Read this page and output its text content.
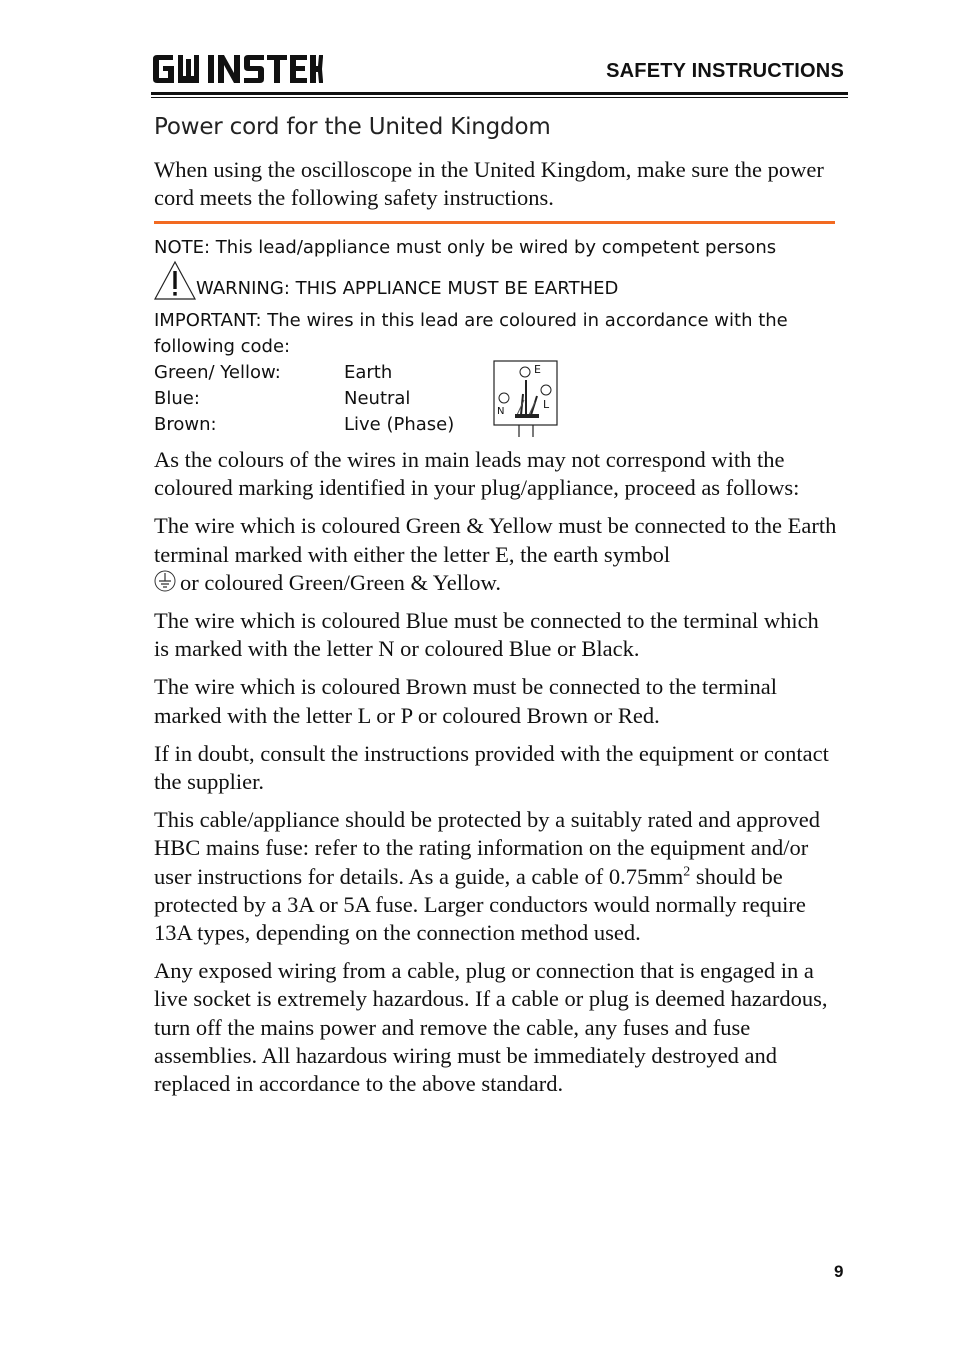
SAFETY INSTRUCTIONS
Power cord for the United Kingdom

When using the oscilloscope in the United Kingdom, make sure the power cord meets the following safety instructions.

NOTE: This lead/appliance must only be wired by competent persons
WARNING: THIS APPLIANCE MUST BE EARTHED
IMPORTANT: The wires in this lead are coloured in accordance with the following code:
Green/ Yellow:	Earth
Blue:	Neutral
Brown:	Live (Phase)
E
N
L

As the colours of the wires in main leads may not correspond with the coloured marking identified in your plug/appliance, proceed as follows:

The wire which is coloured Green & Yellow must be connected to the Earth terminal marked with either the letter E, the earth symbol
or coloured Green/Green & Yellow.

The wire which is coloured Blue must be connected to the terminal which is marked with the letter N or coloured Blue or Black.

The wire which is coloured Brown must be connected to the terminal marked with the letter L or P or coloured Brown or Red.

If in doubt, consult the instructions provided with the equipment or contact the supplier.

This cable/appliance should be protected by a suitably rated and approved HBC mains fuse: refer to the rating information on the equipment and/or user instructions for details. As a guide, a cable of $0.75mm^2$ should be protected by a 3A or 5A fuse. Larger conductors would normally require 13A types, depending on the connection method used.

Any exposed wiring from a cable, plug or connection that is engaged in a live socket is extremely hazardous. If a cable or plug is deemed hazardous, turn off the mains power and remove the cable, any fuses and fuse assemblies. All hazardous wiring must be immediately destroyed and replaced in accordance to the above standard.

9
